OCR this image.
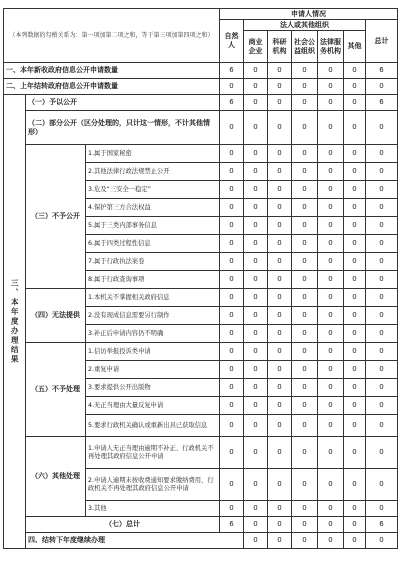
（本列数据的勾稽关系为：第一项加第二项之和，等于第三项加第四项之和）			申请人情况							
			自然人	法人或其他组织					总计	
				商业企业	科研机构	社会公益组织	法律服务机构	其他		
一、本年新收政府信息公开申请数量			6	0	0	0	0	0	6	
二、上年结转政府信息公开申请数量			0	0	0	0	0	0	0	
三、本年度办理结果	（一）予以公开		6	0	0	0	0	0	6	
	（二）部分公开（区分处理的，只计这一情形，不计其他情形）		0	0	0	0	0	0	0	
	（三）不予公开	1.属于国家秘密	0	0	0	0	0	0	0	
		2.其他法律行政法规禁止公开	0	0	0	0	0	0	0	
		3.危及“三安全一稳定”	0	0	0	0	0	0	0	
		4.保护第三方合法权益	0	0	0	0	0	0	0	
		5.属于三类内部事务信息	0	0	0	0	0	0	0	
		6.属于四类过程性信息	0	0	0	0	0	0	0	
		7.属于行政执法案卷	0	0	0	0	0	0	0	
		8.属于行政查询事项	0	0	0	0	0	0	0	
	（四）无法提供	1.本机关不掌握相关政府信息	0	0	0	0	0	0	0	
		2.没有现成信息需要另行制作	0	0	0	0	0	0	0	
		3.补正后申请内容仍不明确	0	0	0	0	0	0	0	
	（五）不予处理	1.信访举报投诉类申请	0	0	0	0	0	0	0	
		2.重复申请	0	0	0	0	0	0	0	
		3.要求提供公开出版物	0	0	0	0	0	0	0	
		4.无正当理由大量反复申请	0	0	0	0	0	0	0	
		5.要求行政机关确认或重新出具已获取信息	0	0	0	0	0	0	0	
	（六）其他处理	1.申请人无正当理由逾期不补正、行政机关不再处理其政府信息公开申请	0	0	0	0	0	0	0	
		2.申请人逾期未按收费通知要求缴纳费用、行政机关不再处理其政府信息公开申请	0	0	0	0	0	0	0	
		3.其他	0	0	0	0	0	0	0	
	（七）总计		6	0	0	0	0	0	6	
	四、结转下年度继续办理			0	0	0	0	0	0	
